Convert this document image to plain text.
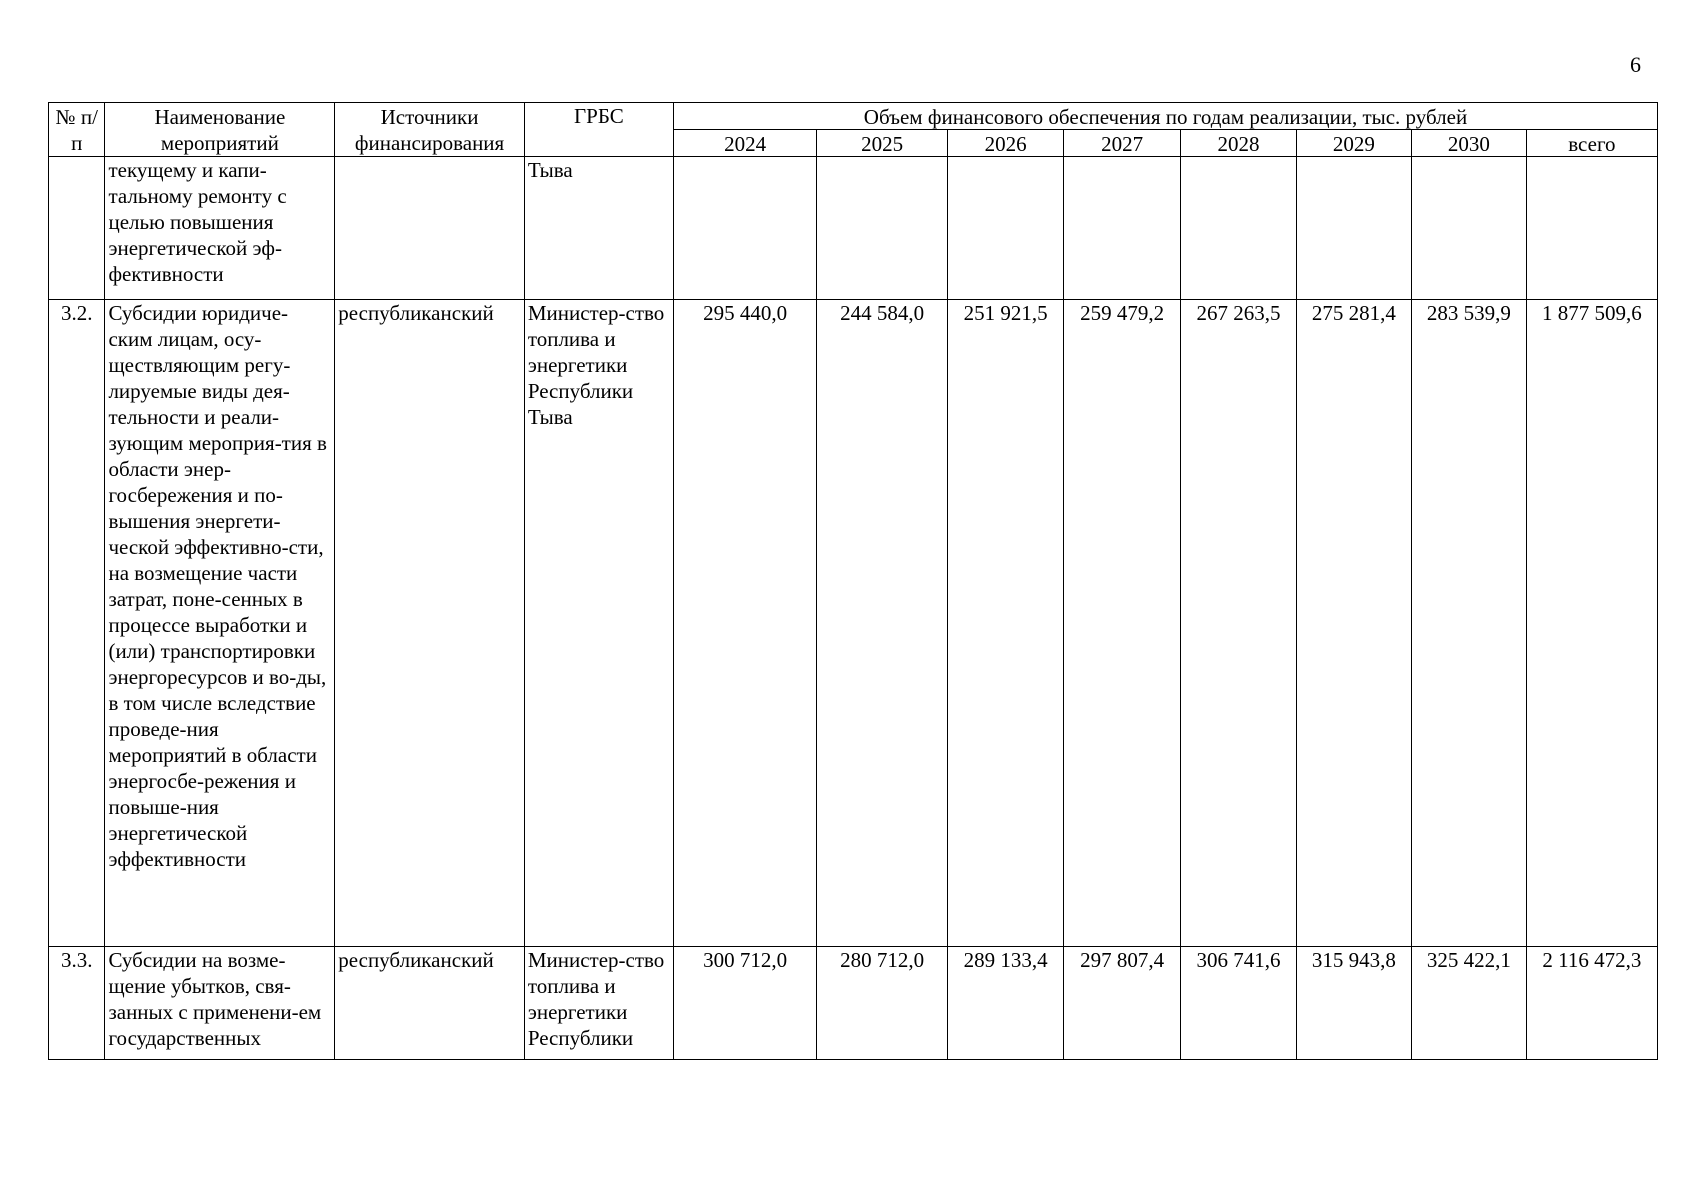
6
№ п/п	Наименование мероприятий	Источники финансирования	ГРБС	Объем финансового обеспечения по годам реализации, тыс. рублей							
				2024	2025	2026	2027	2028	2029	2030	всего
	текущему и капи-тальному ремонту с целью повышения энергетической эф-фективности		Тыва								
3.2.	Субсидии юридиче-ским лицам, осу-ществляющим регу-лируемые виды дея-тельности и реали-зующим мероприя-тия в области энер-госбережения и по-вышения энергети-ческой эффективно-сти, на возмещение части затрат, поне-сенных в процессе выработки и (или) транспортировки энергоресурсов и во-ды, в том числе вследствие проведе-ния мероприятий в области энергосбе-режения и повыше-ния энергетической эффективности	республиканский	Министер-ство топлива и энергетики Республики Тыва	295 440,0	244 584,0	251 921,5	259 479,2	267 263,5	275 281,4	283 539,9	1 877 509,6
3.3.	Субсидии на возме-щение убытков, свя-занных с применени-ем государственных	республиканский	Министер-ство топлива и энергетики Республики	300 712,0	280 712,0	289 133,4	297 807,4	306 741,6	315 943,8	325 422,1	2 116 472,3
